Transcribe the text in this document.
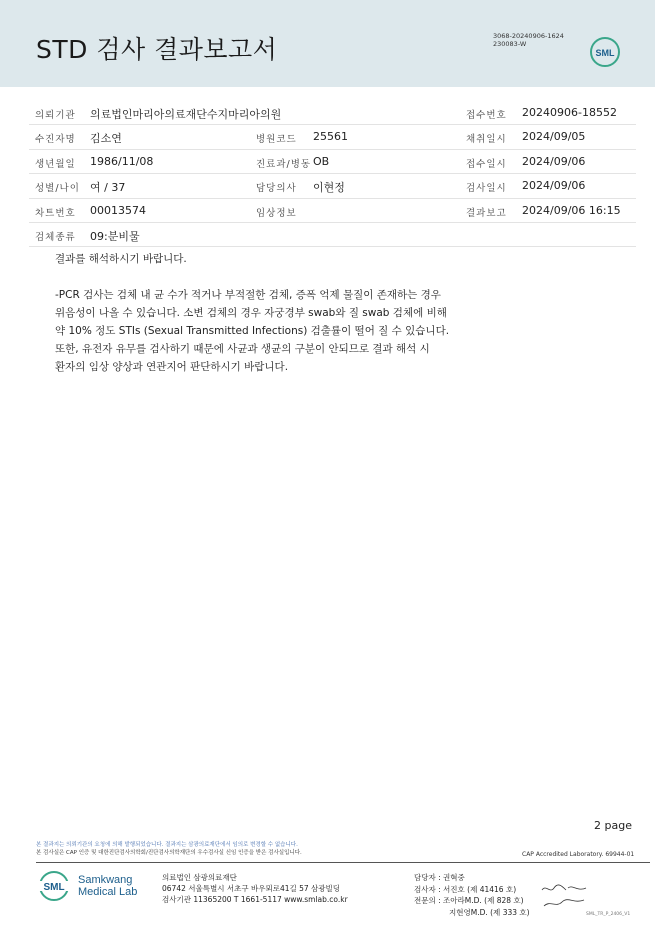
STD 검사 결과보고서	3068-20240906-1624
230083-W
SML
의뢰기관 의료법인마리아의료재단수지마리아의원	접수번호 20240906-18552
수진자명 김소연	병원코드 25561	채취일시 2024/09/05
생년월일 1986/11/08	진료과/병동 OB	접수일시 2024/09/06
성별/나이 여 / 37	담당의사 이현정	검사일시 2024/09/06
차트번호 00013574	임상정보	결과보고 2024/09/06 16:15
검체종류 09:분비물

결과를 해석하시기 바랍니다.

-PCR 검사는 검체 내 균 수가 적거나 부적절한 검체, 증폭 억제 물질이 존재하는 경우

위음성이 나올 수 있습니다. 소변 검체의 경우 자궁경부 swab와 질 swab 검체에 비해

약 10% 정도 STIs (Sexual Transmitted Infections) 검출률이 떨어 질 수 있습니다.

또한, 유전자 유무를 검사하기 때문에 사균과 생균의 구분이 안되므로 결과 해석 시

환자의 임상 양상과 연관지어 판단하시기 바랍니다.

2 page
본 결과지는 의뢰기관의 요청에 의해 발행되었습니다. 결과지는 삼광의료재단에서 임의로 변경할 수 없습니다.
본 검사실은 CAP 인증 및 대한진단검사의학회/진단검사의학재단의 우수검사실 신임 인증을 받은 검사실입니다.	CAP Accredited Laboratory. 69944-01
SML
Samkwang
Medical Lab
의료법인 삼광의료재단
06742 서울특별시 서초구 바우뫼로41길 57 삼광빌딩
검사기관 11365200 T 1661-5117 www.smlab.co.kr
담당자 : 권혁중
검사자 : 서진호 (제 41416 호)
전문의 : 조아라M.D. (제 828 호)
지현영M.D. (제 333 호)	SML_TR_P_2406_V1
